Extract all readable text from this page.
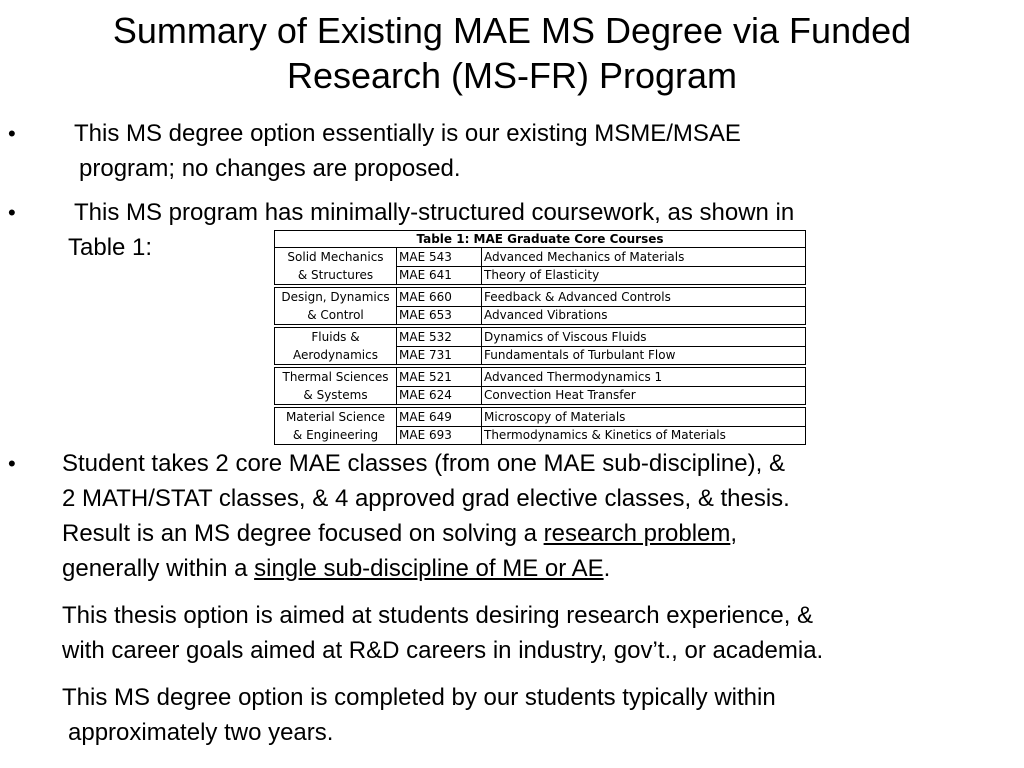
Summary of Existing MAE MS Degree via Funded
Research (MS-FR) Program
• This MS degree option essentially is our existing MSME/MSAE
program; no changes are proposed.
• This MS program has minimally-structured coursework, as shown in
Table 1:	Table 1: MAE Graduate Core Courses		

Solid Mechanics
& Structures	MAE 543	Advanced Mechanics of Materials
	MAE 641	Theory of Elasticity

Design, Dynamics
& Control	MAE 660	Feedback & Advanced Controls
	MAE 653	Advanced Vibrations

Fluids &
Aerodynamics	MAE 532	Dynamics of Viscous Fluids
	MAE 731	Fundamentals of Turbulant Flow

Thermal Sciences
& Systems	MAE 521	Advanced Thermodynamics 1
	MAE 624	Convection Heat Transfer

Material Science
& Engineering	MAE 649	Microscopy of Materials
	MAE 693	Thermodynamics & Kinetics of Materials
• Student takes 2 core MAE classes (from one MAE sub-discipline), &
2 MATH/STAT classes, & 4 approved grad elective classes, & thesis.
Result is an MS degree focused on solving a research problem,
generally within a single sub-discipline of ME or AE.
This thesis option is aimed at students desiring research experience, &
with career goals aimed at R&D careers in industry, gov’t., or academia.
This MS degree option is completed by our students typically within
approximately two years.
